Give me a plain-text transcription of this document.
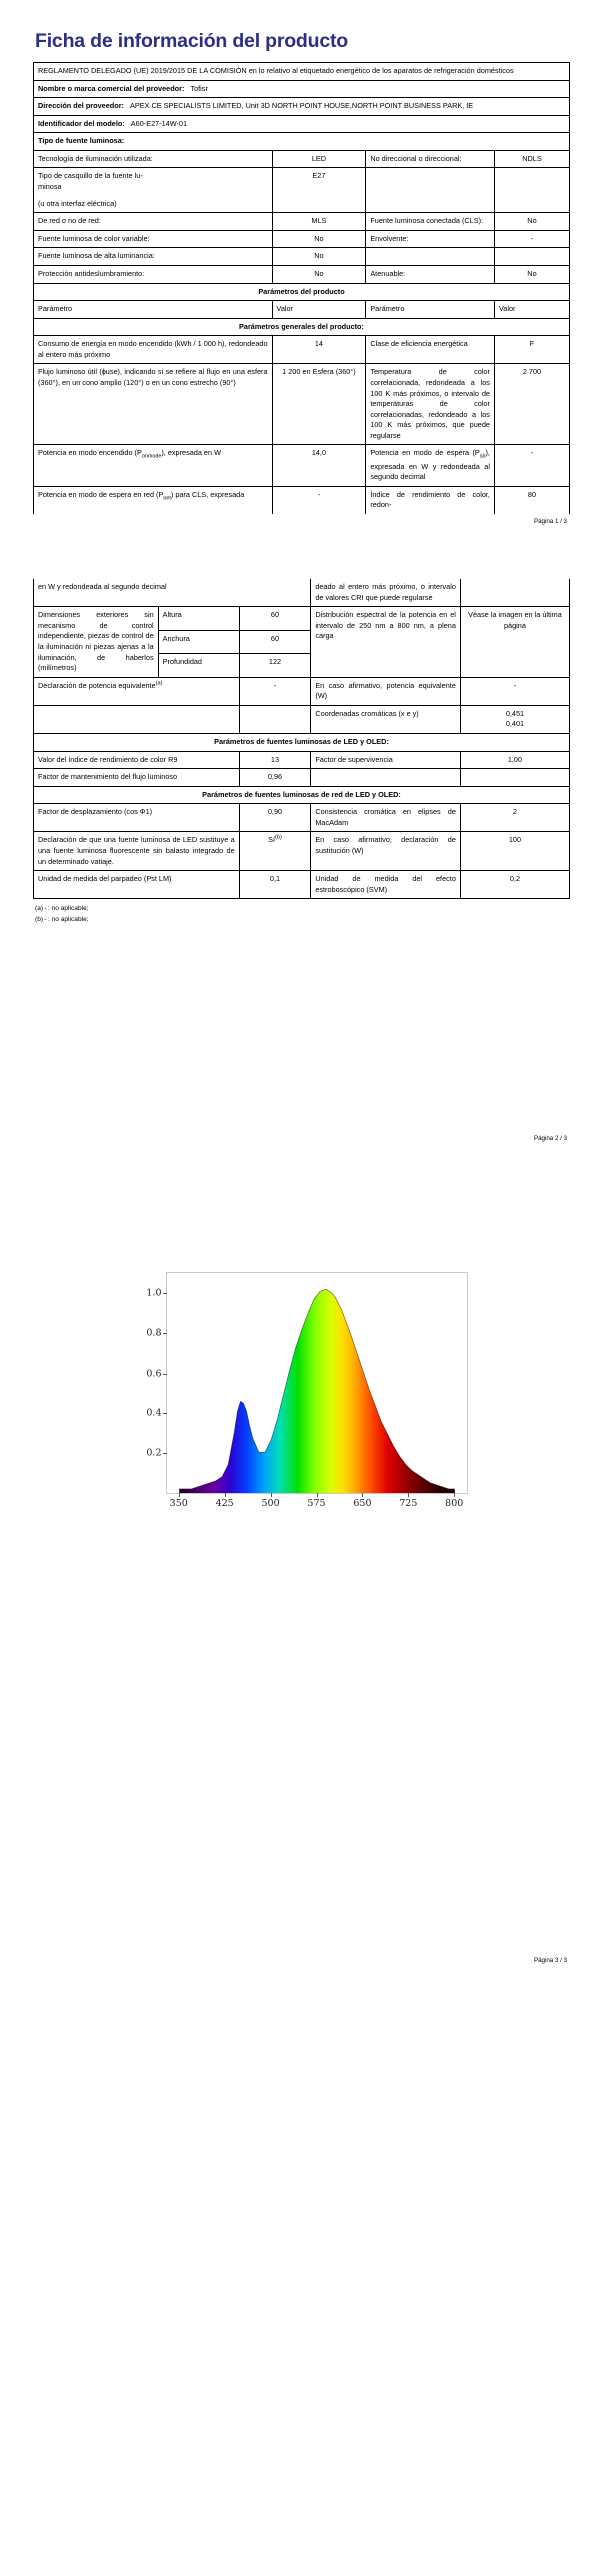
Ficha de información del producto
REGLAMENTO DELEGADO (UE) 2019/2015 DE LA COMISIÓN en lo relativo al etiquetado energético de los aparatos de refrigeración domésticos			
Nombre o marca comercial del proveedor: Tofisr			
Dirección del proveedor: APEX CE SPECIALISTS LIMITED, Unit 3D NORTH POINT HOUSE,NORTH POINT BUSINESS PARK, IE			
Identificador del modelo: A60-E27-14W-01			
Tipo de fuente luminosa:			
Tecnología de iluminación utilizada:	LED	No direccional o direccional:	NDLS
Tipo de casquillo de la fuente lu-
minosa
(u otra interfaz eléctrica)	E27		
De red o no de red:	MLS	Fuente luminosa conectada (CLS):	No
Fuente luminosa de color variable:	No	Envolvente:	-
Fuente luminosa de alta luminancia:	No		
Protección antideslumbramiento:	No	Atenuable:	No
Parámetros del producto			
Parámetro	Valor	Parámetro	Valor
Parámetros generales del producto:			
Consumo de energía en modo encendido (kWh / 1 000 h), redondeado al entero más próximo	14	Clase de eficiencia energética	F
Flujo luminoso útil (ɸuse), indicando si se refiere al flujo en una esfera (360°), en un cono amplio (120°) o en un cono estrecho (90°)	1 200 en Esfera (360°)	Temperatura de color correlacionada, redondeada a los 100 K más próximos, o intervalo de temperaturas de color correlacionadas, redondeado a los 100 K más próximos, que puede regularse	2 700
Potencia en modo encendido $(P_{onmode})$, expresada en W	14,0	Potencia en modo de espera $(P_{sb})$, expresada en W y redondeada al segundo decimal	-
Potencia en modo de espera en red $(P_{net})$ para CLS, expresada	-	Índice de rendimiento de color, redon-	80
Página 1 / 3
en W y redondeada al segundo decimal			deado al entero más próximo, o intervalo de valores CRI que puede regularse	
Dimensiones exteriores sin mecanismo de control independiente, piezas de control de la iluminación ni piezas ajenas a la iluminación, de haberlos (milímetros)	Altura	60	Distribución espectral de la potencia en el intervalo de 250 nm a 800 nm, a plena carga	Véase la imagen en la última página
	Anchura	60		
	Profundidad	122		
Declaración de potencia equivalente$^{(a)}$		-	En caso afirmativo, potencia equivalente (W)	-
			Coordenadas cromáticas (x e y)	0,451
0,401
Parámetros de fuentes luminosas de LED y OLED:				
Valor del índice de rendimiento de color R9		13	Factor de supervivencia	1,00
Factor de mantenimiento del flujo luminoso		0,96		
Parámetros de fuentes luminosas de red de LED y OLED:				
Factor de desplazamiento (cos Φ1)		0,90	Consistencia cromática en elipses de MacAdam	2
Declaración de que una fuente luminosa de LED sustituye a una fuente luminosa fluorescente sin balasto integrado de un determinado vatiaje.		$Sí^{(b)}$	En caso afirmativo, declaración de sustitución (W)	100
Unidad de medida del parpadeo (Pst LM)		0,1	Unidad de medida del efecto estroboscópico (SVM)	0,2
(a) - : no aplicable;
(b) - : no aplicable;
Página 2 / 3
0.2
0.4
0.6
0.8
1.0
350	425	500	575	650	725	800
Página 3 / 3
